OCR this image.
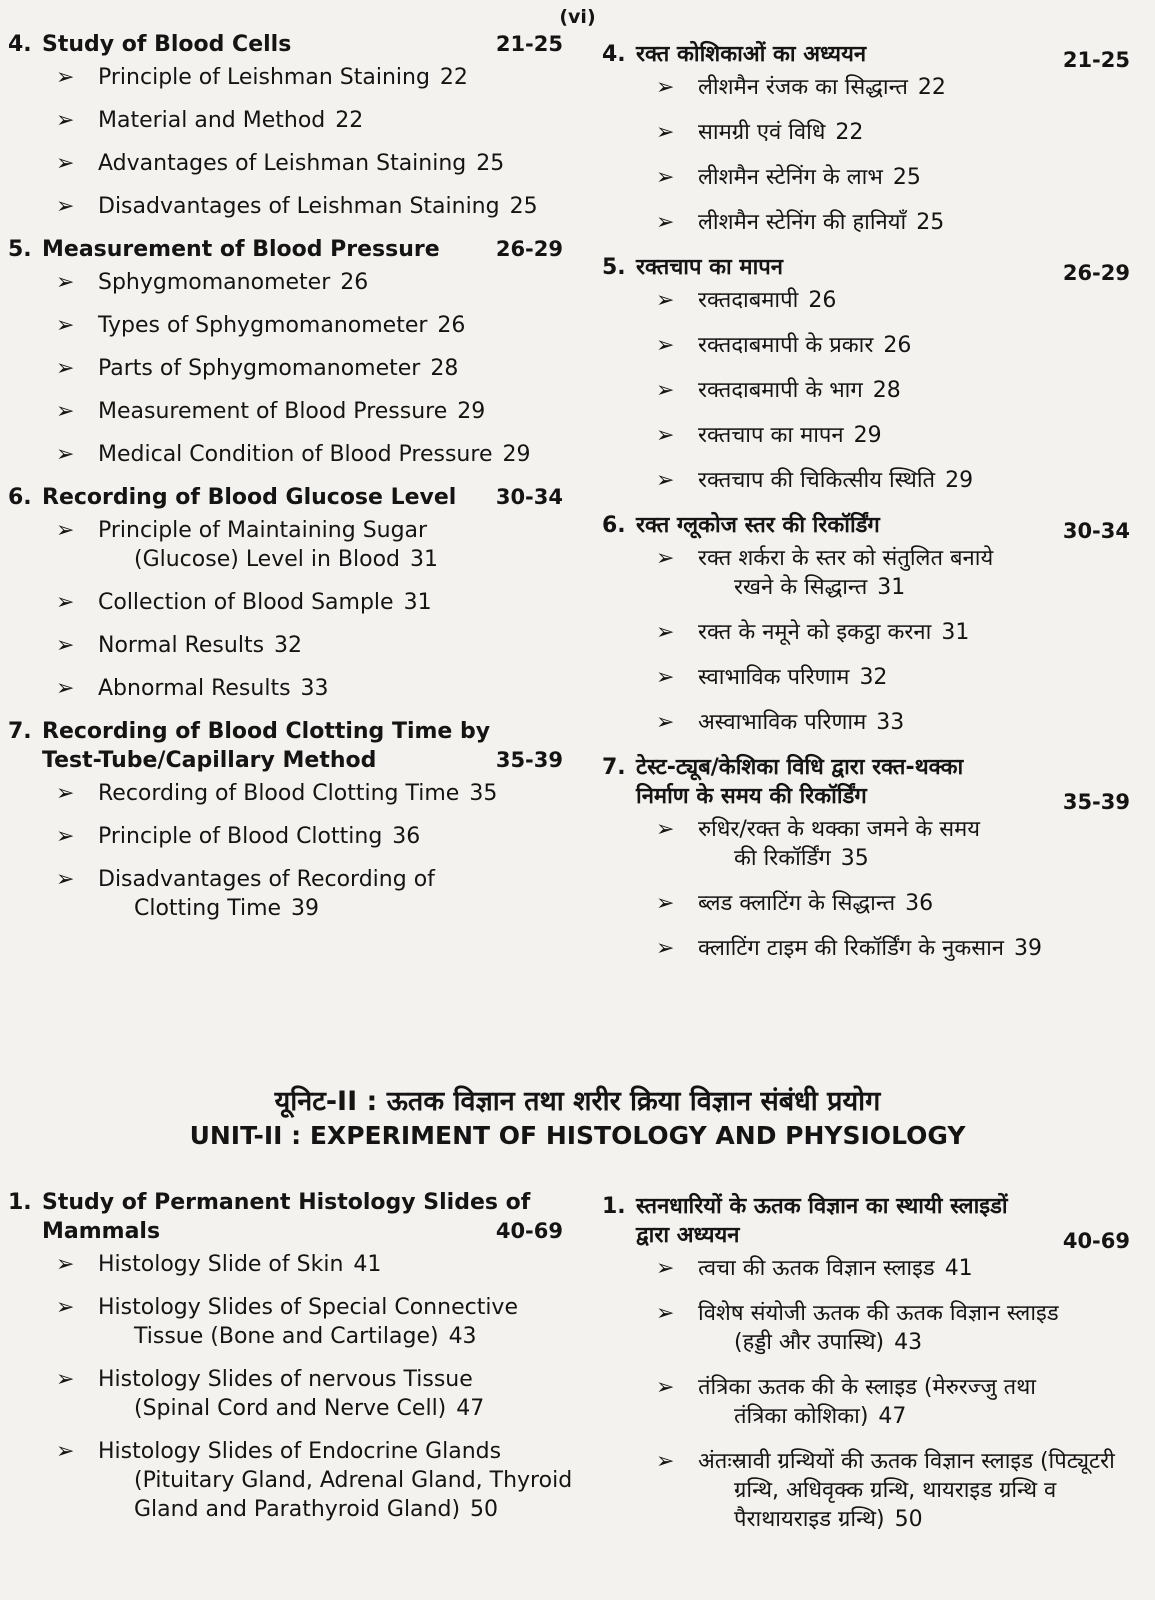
(vi)
4. Study of Blood Cells	21-25
➢ Principle of Leishman Staining 22
➢ Material and Method 22
➢ Advantages of Leishman Staining 25
➢ Disadvantages of Leishman Staining 25
5. Measurement of Blood Pressure	26-29
➢ Sphygmomanometer 26
➢ Types of Sphygmomanometer 26
➢ Parts of Sphygmomanometer 28
➢ Measurement of Blood Pressure 29
➢ Medical Condition of Blood Pressure 29
6. Recording of Blood Glucose Level 30-34
➢ Principle of Maintaining Sugar
(Glucose) Level in Blood 31
➢ Collection of Blood Sample 31
➢ Normal Results 32
➢ Abnormal Results 33
7. Recording of Blood Clotting Time by
Test-Tube/Capillary Method	35-39
➢ Recording of Blood Clotting Time 35
➢ Principle of Blood Clotting 36
➢ Disadvantages of Recording of
Clotting Time 39
4. रक्त कोशिकाओं का अध्ययन	21-25
➢ लीशमैन रंजक का सिद्धान्त 22
➢ सामग्री एवं विधि 22
➢ लीशमैन स्टेनिंग के लाभ 25
➢ लीशमैन स्टेनिंग की हानियाँ 25
5. रक्तचाप का मापन	26-29
➢ रक्तदाबमापी 26
➢ रक्तदाबमापी के प्रकार 26
➢ रक्तदाबमापी के भाग 28
➢ रक्तचाप का मापन 29
➢ रक्तचाप की चिकित्सीय स्थिति 29
6. रक्त ग्लूकोज स्तर की रिकॉर्डिंग	30-34
➢ रक्त शर्करा के स्तर को संतुलित बनाये
रखने के सिद्धान्त 31
➢ रक्त के नमूने को इकट्ठा करना 31
➢ स्वाभाविक परिणाम 32
➢ अस्वाभाविक परिणाम 33
7. टेस्ट-ट्यूब/केशिका विधि द्वारा रक्त-थक्का
निर्माण के समय की रिकॉर्डिंग	35-39
➢ रुधिर/रक्त के थक्का जमने के समय
की रिकॉर्डिंग 35
➢ ब्लड क्लाटिंग के सिद्धान्त 36
➢ क्लाटिंग टाइम की रिकॉर्डिंग के नुकसान 39
यूनिट-II : ऊतक विज्ञान तथा शरीर क्रिया विज्ञान संबंधी प्रयोग
UNIT-II : EXPERIMENT OF HISTOLOGY AND PHYSIOLOGY
1. Study of Permanent Histology Slides of
Mammals	40-69
➢ Histology Slide of Skin 41
➢ Histology Slides of Special Connective
Tissue (Bone and Cartilage) 43
➢ Histology Slides of nervous Tissue
(Spinal Cord and Nerve Cell) 47
➢ Histology Slides of Endocrine Glands
(Pituitary Gland, Adrenal Gland, Thyroid
Gland and Parathyroid Gland) 50
1. स्तनधारियों के ऊतक विज्ञान का स्थायी स्लाइडों
द्वारा अध्ययन	40-69
➢ त्वचा की ऊतक विज्ञान स्लाइड 41
➢ विशेष संयोजी ऊतक की ऊतक विज्ञान स्लाइड
(हड्डी और उपास्थि) 43
➢ तंत्रिका ऊतक की के स्लाइड (मेरुरज्जु तथा
तंत्रिका कोशिका) 47
➢ अंतःस्रावी ग्रन्थियों की ऊतक विज्ञान स्लाइड (पिट्यूटरी
ग्रन्थि, अधिवृक्क ग्रन्थि, थायराइड ग्रन्थि व
पैराथायराइड ग्रन्थि) 50
